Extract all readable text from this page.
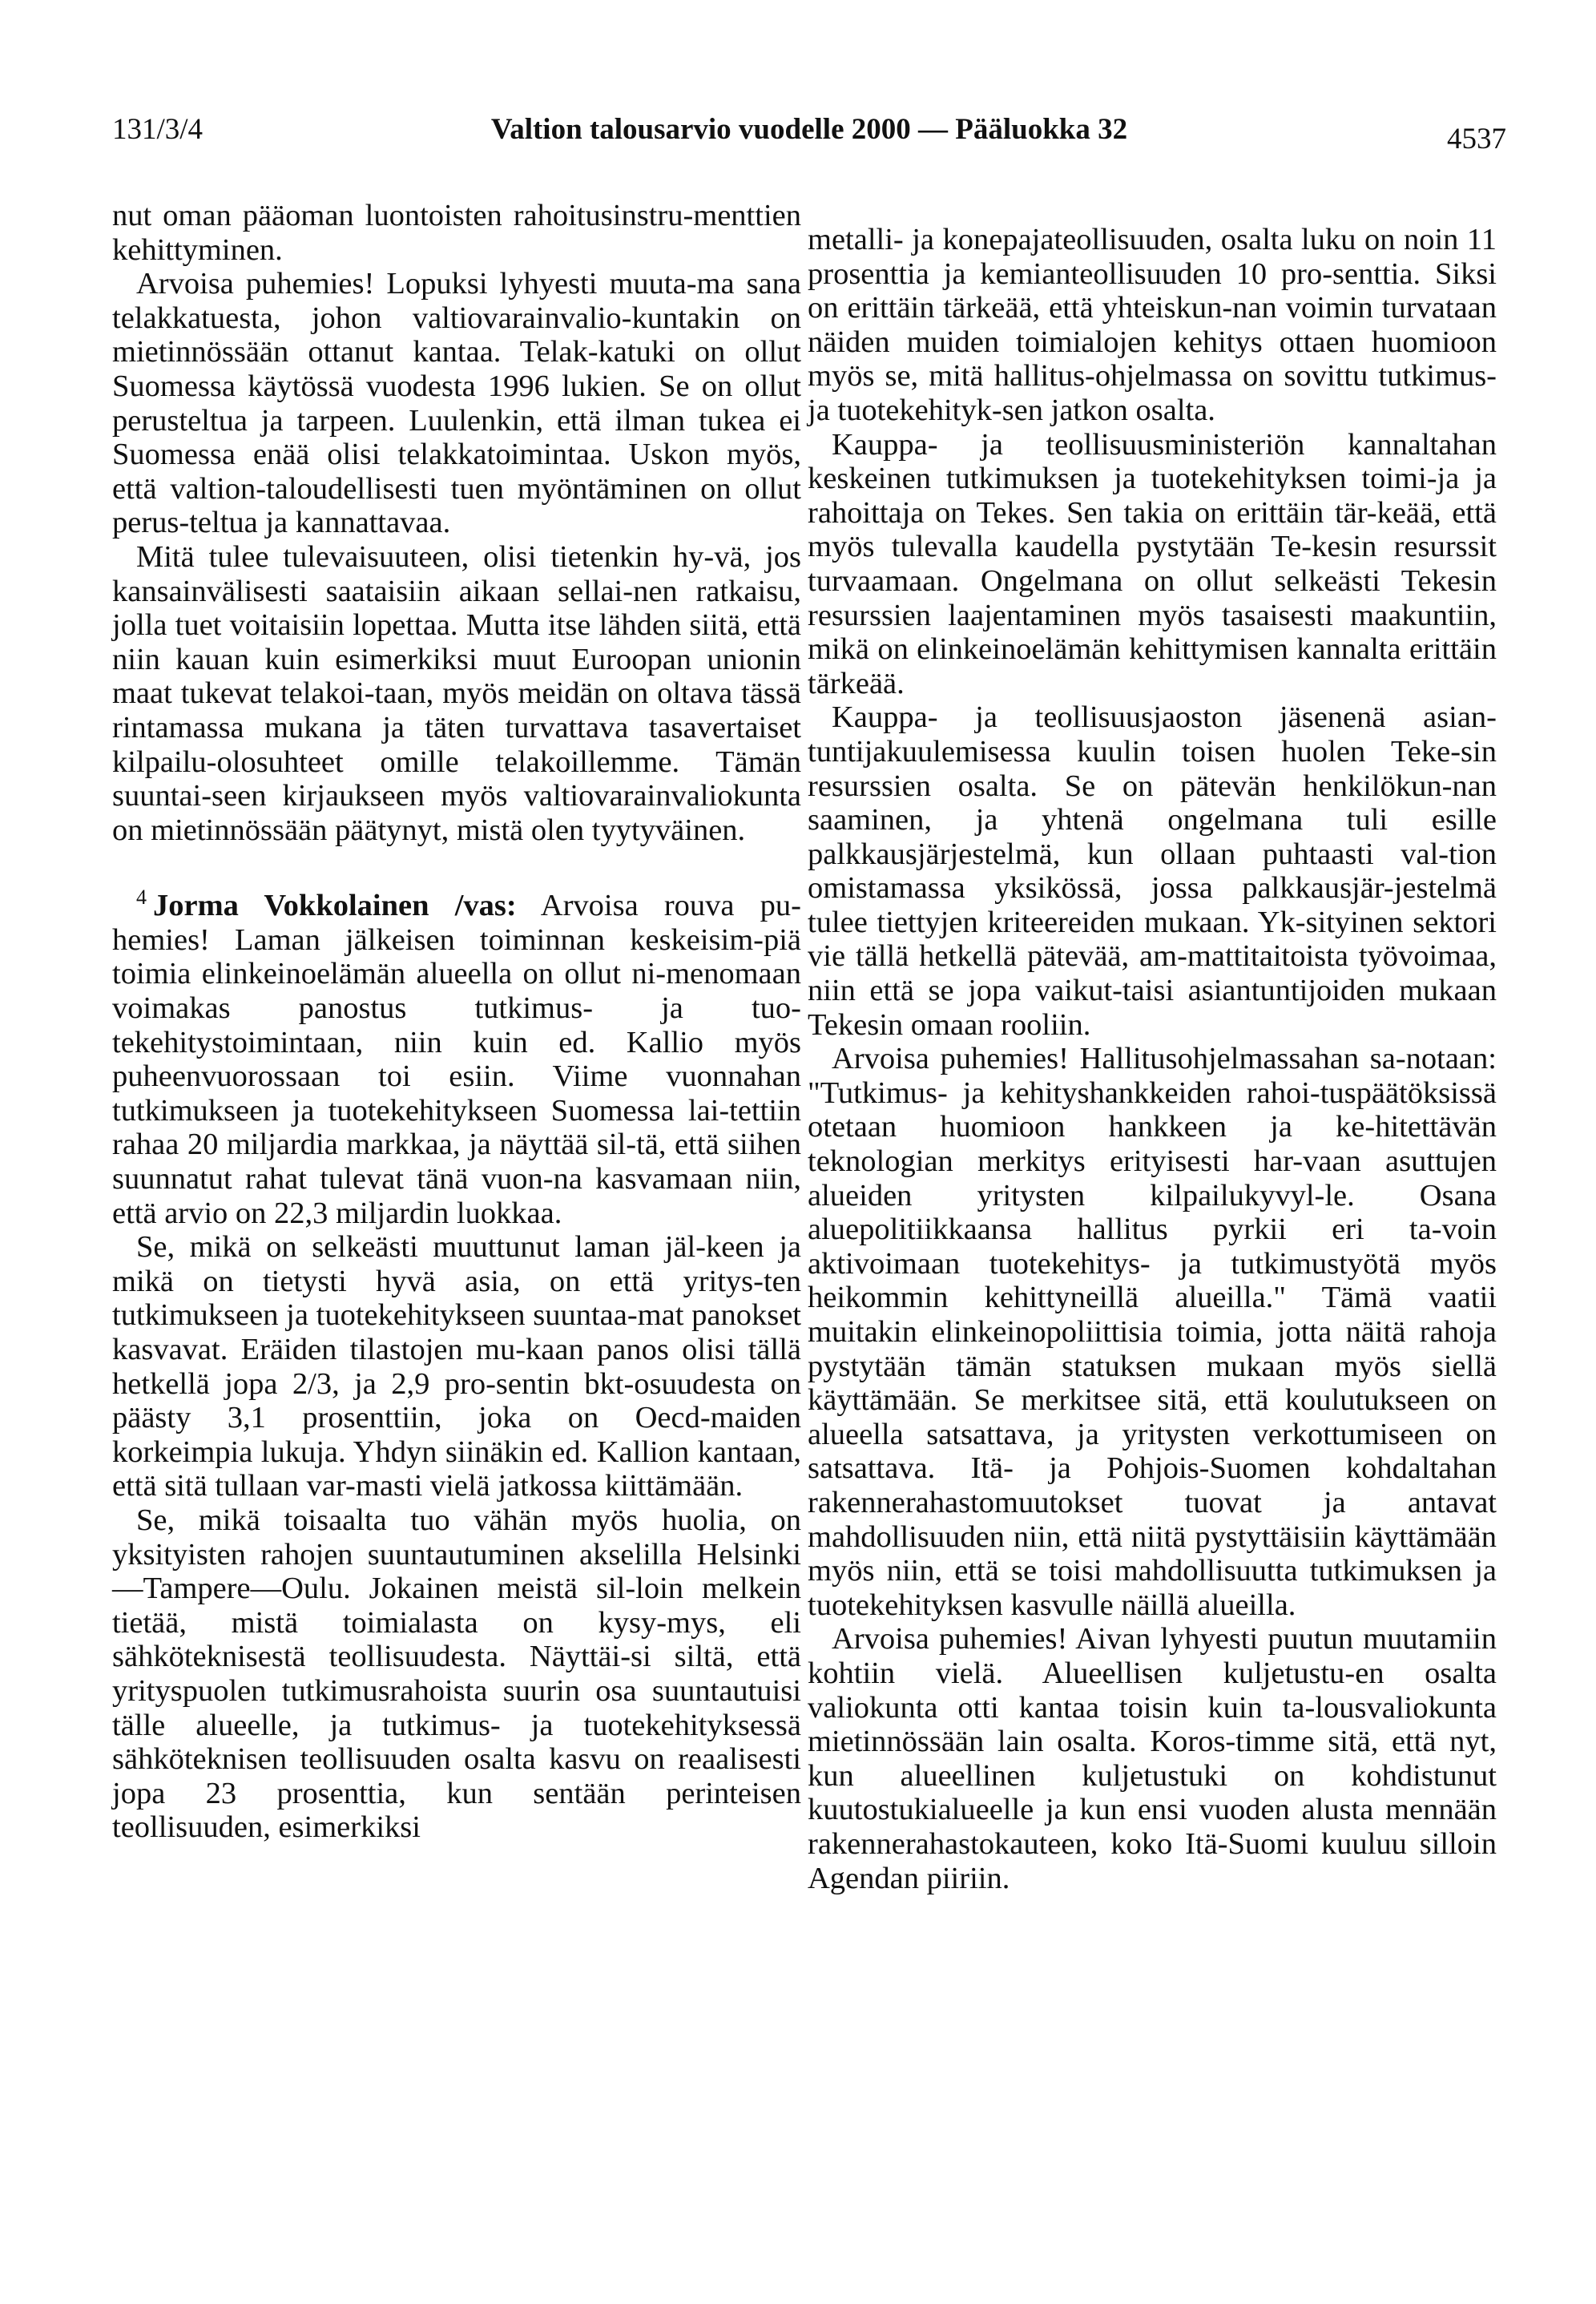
131/3/4	Valtion talousarvio vuodelle 2000 — Pääluokka 32	4537

nut oman pääoman luontoisten rahoitusinstru-menttien kehittyminen.

Arvoisa puhemies! Lopuksi lyhyesti muuta-ma sana telakkatuesta, johon valtiovarainvalio-kuntakin on mietinnössään ottanut kantaa. Telak-katuki on ollut Suomessa käytössä vuodesta 1996 lukien. Se on ollut perusteltua ja tarpeen. Luulenkin, että ilman tukea ei Suomessa enää olisi telakkatoimintaa. Uskon myös, että valtion-taloudellisesti tuen myöntäminen on ollut perus-teltua ja kannattavaa.

Mitä tulee tulevaisuuteen, olisi tietenkin hy-vä, jos kansainvälisesti saataisiin aikaan sellai-nen ratkaisu, jolla tuet voitaisiin lopettaa. Mutta itse lähden siitä, että niin kauan kuin esimerkiksi muut Euroopan unionin maat tukevat telakoi-taan, myös meidän on oltava tässä rintamassa mukana ja täten turvattava tasavertaiset kilpailu-olosuhteet omille telakoillemme. Tämän suuntai-seen kirjaukseen myös valtiovarainvaliokunta on mietinnössään päätynyt, mistä olen tyytyväinen.

$^4$ Jorma Vokkolainen /vas: Arvoisa rouva pu-hemies! Laman jälkeisen toiminnan keskeisim-piä toimia elinkeinoelämän alueella on ollut ni-menomaan voimakas panostus tutkimus- ja tuo-tekehitystoimintaan, niin kuin ed. Kallio myös puheenvuorossaan toi esiin. Viime vuonnahan tutkimukseen ja tuotekehitykseen Suomessa lai-tettiin rahaa 20 miljardia markkaa, ja näyttää sil-tä, että siihen suunnatut rahat tulevat tänä vuon-na kasvamaan niin, että arvio on 22,3 miljardin luokkaa.

Se, mikä on selkeästi muuttunut laman jäl-keen ja mikä on tietysti hyvä asia, on että yritys-ten tutkimukseen ja tuotekehitykseen suuntaa-mat panokset kasvavat. Eräiden tilastojen mu-kaan panos olisi tällä hetkellä jopa 2/3, ja 2,9 pro-sentin bkt-osuudesta on päästy 3,1 prosenttiin, joka on Oecd-maiden korkeimpia lukuja. Yhdyn siinäkin ed. Kallion kantaan, että sitä tullaan var-masti vielä jatkossa kiittämään.

Se, mikä toisaalta tuo vähän myös huolia, on yksityisten rahojen suuntautuminen akselilla Helsinki—Tampere—Oulu. Jokainen meistä sil-loin melkein tietää, mistä toimialasta on kysy-mys, eli sähköteknisestä teollisuudesta. Näyttäi-si siltä, että yrityspuolen tutkimusrahoista suurin osa suuntautuisi tälle alueelle, ja tutkimus- ja tuotekehityksessä sähköteknisen teollisuuden osalta kasvu on reaalisesti jopa 23 prosenttia, kun sentään perinteisen teollisuuden, esimerkiksi

metalli- ja konepajateollisuuden, osalta luku on noin 11 prosenttia ja kemianteollisuuden 10 pro-senttia. Siksi on erittäin tärkeää, että yhteiskun-nan voimin turvataan näiden muiden toimialojen kehitys ottaen huomioon myös se, mitä hallitus-ohjelmassa on sovittu tutkimus- ja tuotekehityk-sen jatkon osalta.

Kauppa- ja teollisuusministeriön kannaltahan keskeinen tutkimuksen ja tuotekehityksen toimi-ja ja rahoittaja on Tekes. Sen takia on erittäin tär-keää, että myös tulevalla kaudella pystytään Te-kesin resurssit turvaamaan. Ongelmana on ollut selkeästi Tekesin resurssien laajentaminen myös tasaisesti maakuntiin, mikä on elinkeinoelämän kehittymisen kannalta erittäin tärkeää.

Kauppa- ja teollisuusjaoston jäsenenä asian-tuntijakuulemisessa kuulin toisen huolen Teke-sin resurssien osalta. Se on pätevän henkilökun-nan saaminen, ja yhtenä ongelmana tuli esille palkkausjärjestelmä, kun ollaan puhtaasti val-tion omistamassa yksikössä, jossa palkkausjär-jestelmä tulee tiettyjen kriteereiden mukaan. Yk-sityinen sektori vie tällä hetkellä pätevää, am-mattitaitoista työvoimaa, niin että se jopa vaikut-taisi asiantuntijoiden mukaan Tekesin omaan rooliin.

Arvoisa puhemies! Hallitusohjelmassahan sa-notaan: "Tutkimus- ja kehityshankkeiden rahoi-tuspäätöksissä otetaan huomioon hankkeen ja ke-hitettävän teknologian merkitys erityisesti har-vaan asuttujen alueiden yritysten kilpailukyvyl-le. Osana aluepolitiikkaansa hallitus pyrkii eri ta-voin aktivoimaan tuotekehitys- ja tutkimustyötä myös heikommin kehittyneillä alueilla." Tämä vaatii muitakin elinkeinopoliittisia toimia, jotta näitä rahoja pystytään tämän statuksen mukaan myös siellä käyttämään. Se merkitsee sitä, että koulutukseen on alueella satsattava, ja yritysten verkottumiseen on satsattava. Itä- ja Pohjois-Suomen kohdaltahan rakennerahastomuutokset tuovat ja antavat mahdollisuuden niin, että niitä pystyttäisiin käyttämään myös niin, että se toisi mahdollisuutta tutkimuksen ja tuotekehityksen kasvulle näillä alueilla.

Arvoisa puhemies! Aivan lyhyesti puutun muutamiin kohtiin vielä. Alueellisen kuljetustu-en osalta valiokunta otti kantaa toisin kuin ta-lousvaliokunta mietinnössään lain osalta. Koros-timme sitä, että nyt, kun alueellinen kuljetustuki on kohdistunut kuutostukialueelle ja kun ensi vuoden alusta mennään rakennerahastokauteen, koko Itä-Suomi kuuluu silloin Agendan piiriin.
